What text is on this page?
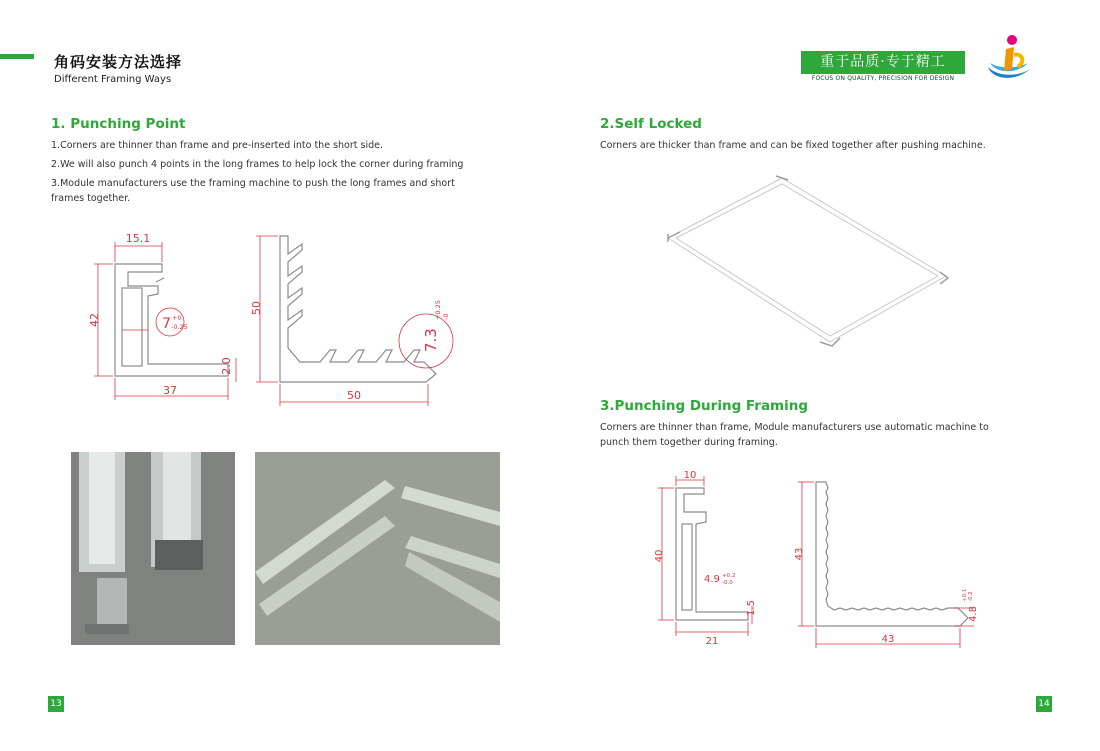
角码安装方法选择
Different Framing Ways
重于品质·专于精工
FOCUS ON QUALITY, PRECISION FOR DESIGN
1. Punching Point
1.Corners are thinner than frame and pre-inserted into the short side.
2.We will also punch 4 points in the long frames to help lock the corner during framing
3.Module manufacturers use the framing machine to push the long frames and short
frames together.
15.1
42	7 +0
-0.25
2.0
37
50
50
7.3
+0.25 -0
2.Self Locked
Corners are thicker than frame and can be fixed together after pushing machine.
3.Punching During Framing
Corners are thinner than frame, Module manufacturers use automatic machine to
punch them together during framing.
10
40
4.9 +0.2
-0.0
1.5
21
43
43
4.8
+0.1 -0.2
13	14
